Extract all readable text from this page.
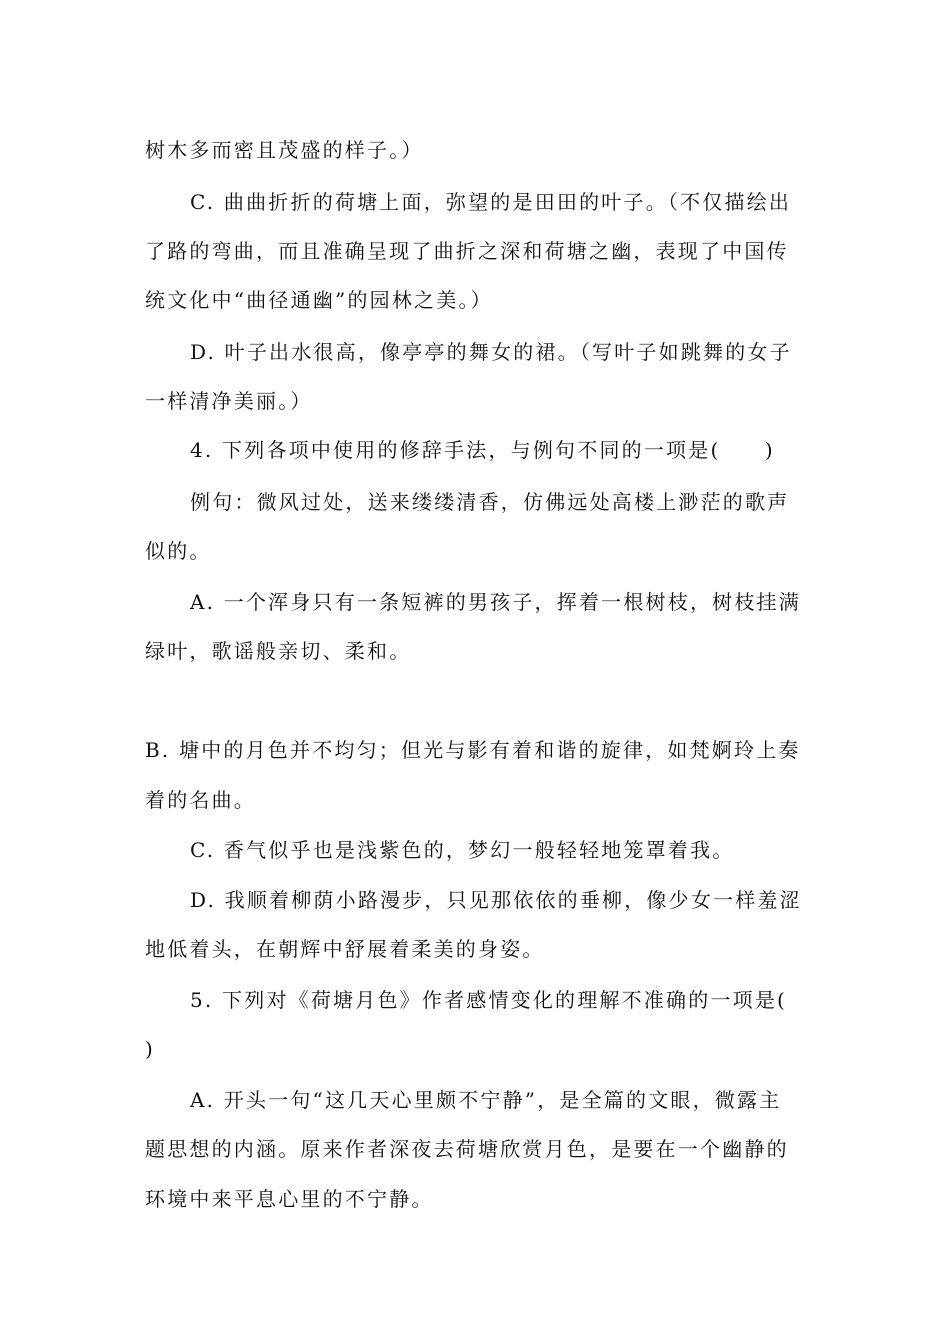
树木多而密且茂盛的样子。）
C. 曲曲折折的荷塘上面，弥望的是田田的叶子。（不仅描绘出
了路的弯曲，而且准确呈现了曲折之深和荷塘之幽，表现了中国传
统文化中“曲径通幽”的园林之美。）
D. 叶子出水很高，像亭亭的舞女的裙。（写叶子如跳舞的女子
一样清净美丽。）
4. 下列各项中使用的修辞手法，与例句不同的一项是(　　)
例句：微风过处，送来缕缕清香，仿佛远处高楼上渺茫的歌声
似的。
A. 一个浑身只有一条短裤的男孩子，挥着一根树枝，树枝挂满
绿叶，歌谣般亲切、柔和。
B. 塘中的月色并不均匀；但光与影有着和谐的旋律，如梵婀玲上奏
着的名曲。
C. 香气似乎也是浅紫色的，梦幻一般轻轻地笼罩着我。
D. 我顺着柳荫小路漫步，只见那依依的垂柳，像少女一样羞涩
地低着头，在朝辉中舒展着柔美的身姿。
5. 下列对《荷塘月色》作者感情变化的理解不准确的一项是(
)
A. 开头一句“这几天心里颇不宁静”，是全篇的文眼，微露主
题思想的内涵。原来作者深夜去荷塘欣赏月色，是要在一个幽静的
环境中来平息心里的不宁静。
